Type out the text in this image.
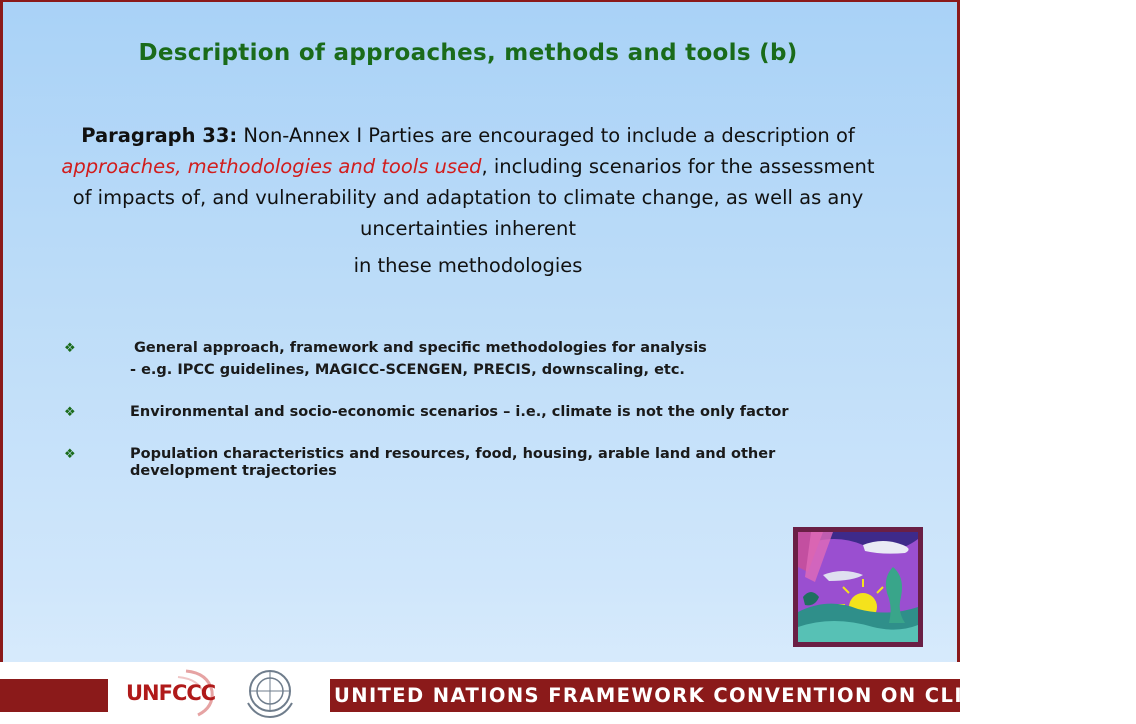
Description of approaches, methods and tools (b)
Paragraph 33: Non-Annex I Parties are encouraged to include a description of approaches, methodologies and tools used, including scenarios for the assessment of impacts of, and vulnerability and adaptation to climate change, as well as any uncertainties inherent
in these methodologies
❖	General approach, framework and specific methodologies for analysis
- e.g. IPCC guidelines, MAGICC-SCENGEN, PRECIS, downscaling, etc.
❖	Environmental and socio-economic scenarios – i.e., climate is not the only factor
❖	Population characteristics and resources, food, housing, arable land and other development trajectories
UNITED NATIONS FRAMEWORK CONVENTION ON CLIMATE CHANGE
UNFCCC
